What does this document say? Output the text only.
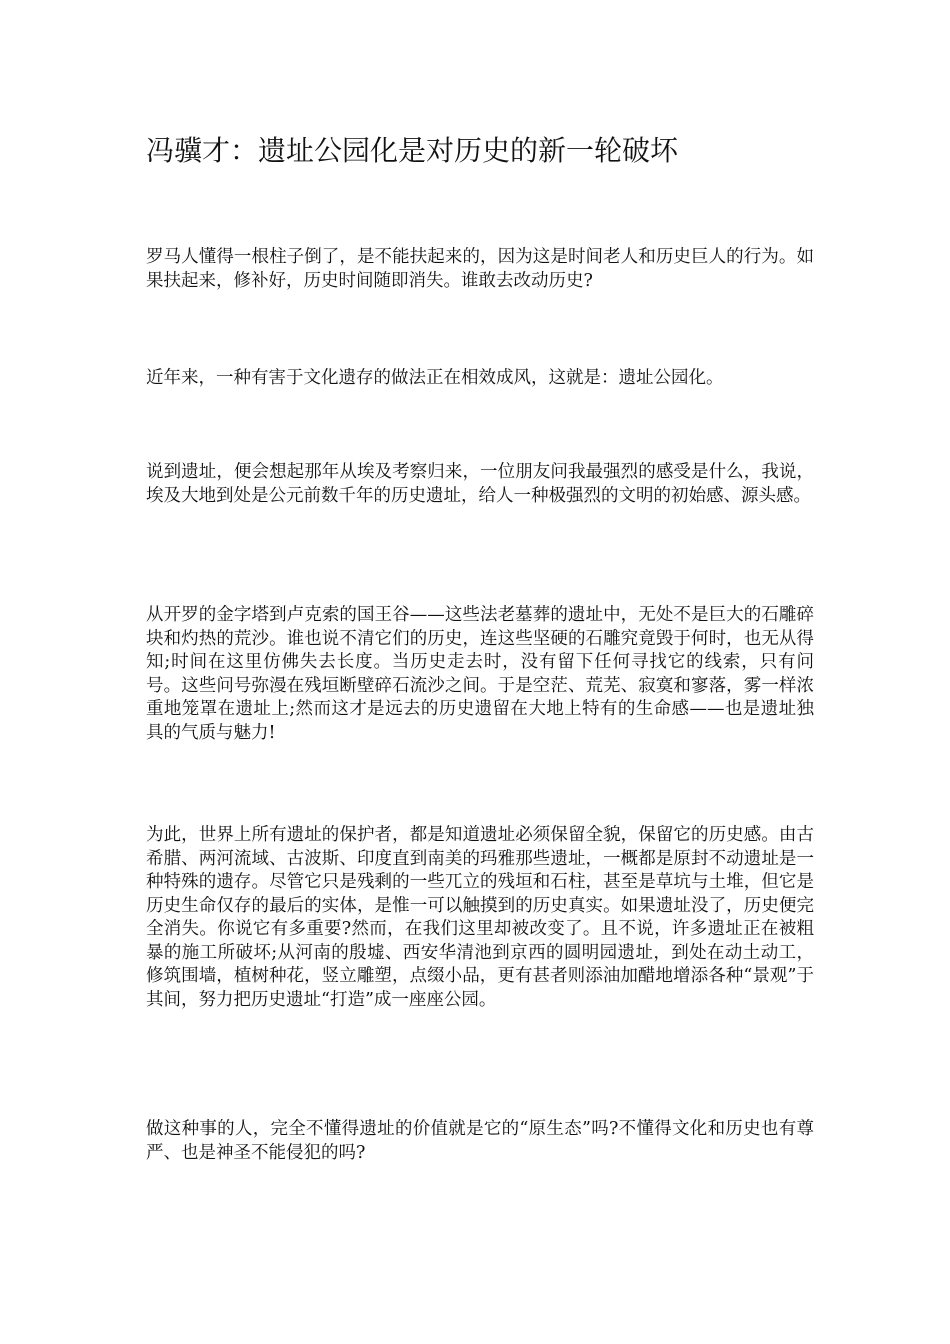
冯骥才：遗址公园化是对历史的新一轮破坏

罗马人懂得一根柱子倒了，是不能扶起来的，因为这是时间老人和历史巨人的行为。如果扶起来，修补好，历史时间随即消失。谁敢去改动历史?

近年来，一种有害于文化遗存的做法正在相效成风，这就是：遗址公园化。

说到遗址，便会想起那年从埃及考察归来，一位朋友问我最强烈的感受是什么，我说，埃及大地到处是公元前数千年的历史遗址，给人一种极强烈的文明的初始感、源头感。

从开罗的金字塔到卢克索的国王谷——这些法老墓葬的遗址中，无处不是巨大的石雕碎块和灼热的荒沙。谁也说不清它们的历史，连这些坚硬的石雕究竟毁于何时，也无从得知;时间在这里仿佛失去长度。当历史走去时，没有留下任何寻找它的线索，只有问号。这些问号弥漫在残垣断壁碎石流沙之间。于是空茫、荒芜、寂寞和寥落，雾一样浓重地笼罩在遗址上;然而这才是远去的历史遗留在大地上特有的生命感——也是遗址独具的气质与魅力!

为此，世界上所有遗址的保护者，都是知道遗址必须保留全貌，保留它的历史感。由古希腊、两河流域、古波斯、印度直到南美的玛雅那些遗址，一概都是原封不动遗址是一种特殊的遗存。尽管它只是残剩的一些兀立的残垣和石柱，甚至是草坑与土堆，但它是历史生命仅存的最后的实体，是惟一可以触摸到的历史真实。如果遗址没了，历史便完全消失。你说它有多重要?然而，在我们这里却被改变了。且不说，许多遗址正在被粗暴的施工所破坏;从河南的殷墟、西安华清池到京西的圆明园遗址，到处在动土动工，修筑围墙，植树种花，竖立雕塑，点缀小品，更有甚者则添油加醋地增添各种“景观”于其间，努力把历史遗址“打造”成一座座公园。

做这种事的人，完全不懂得遗址的价值就是它的“原生态”吗?不懂得文化和历史也有尊严、也是神圣不能侵犯的吗?
